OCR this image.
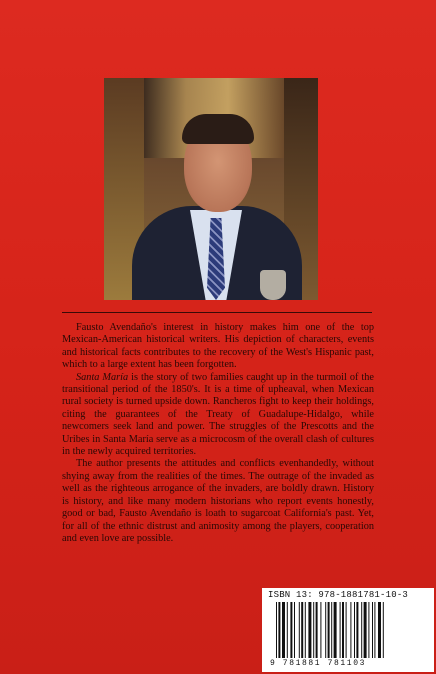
Fausto Avendaño's interest in history makes him one of the top Mexican-American historical writers. His depiction of characters, events and historical facts contributes to the recovery of the West's Hispanic past, which to a large extent has been forgotten.

Santa María is the story of two families caught up in the turmoil of the transitional period of the 1850's. It is a time of upheaval, when Mexican rural society is turned upside down. Rancheros fight to keep their holdings, citing the guarantees of the Treaty of Guadalupe-Hidalgo, while newcomers seek land and power. The struggles of the Prescotts and the Uribes in Santa María serve as a microcosm of the overall clash of cultures in the newly acquired territories.

The author presents the attitudes and conflicts evenhandedly, without shying away from the realities of the times. The outrage of the invaded as well as the righteous arrogance of the invaders, are boldly drawn. History is history, and like many modern historians who report events honestly, good or bad, Fausto Avendaño is loath to sugarcoat California's past. Yet, for all of the ethnic distrust and animosity among the players, cooperation and even love are possible.

ISBN 13: 978-1881781-10-3
9 781881 781103
